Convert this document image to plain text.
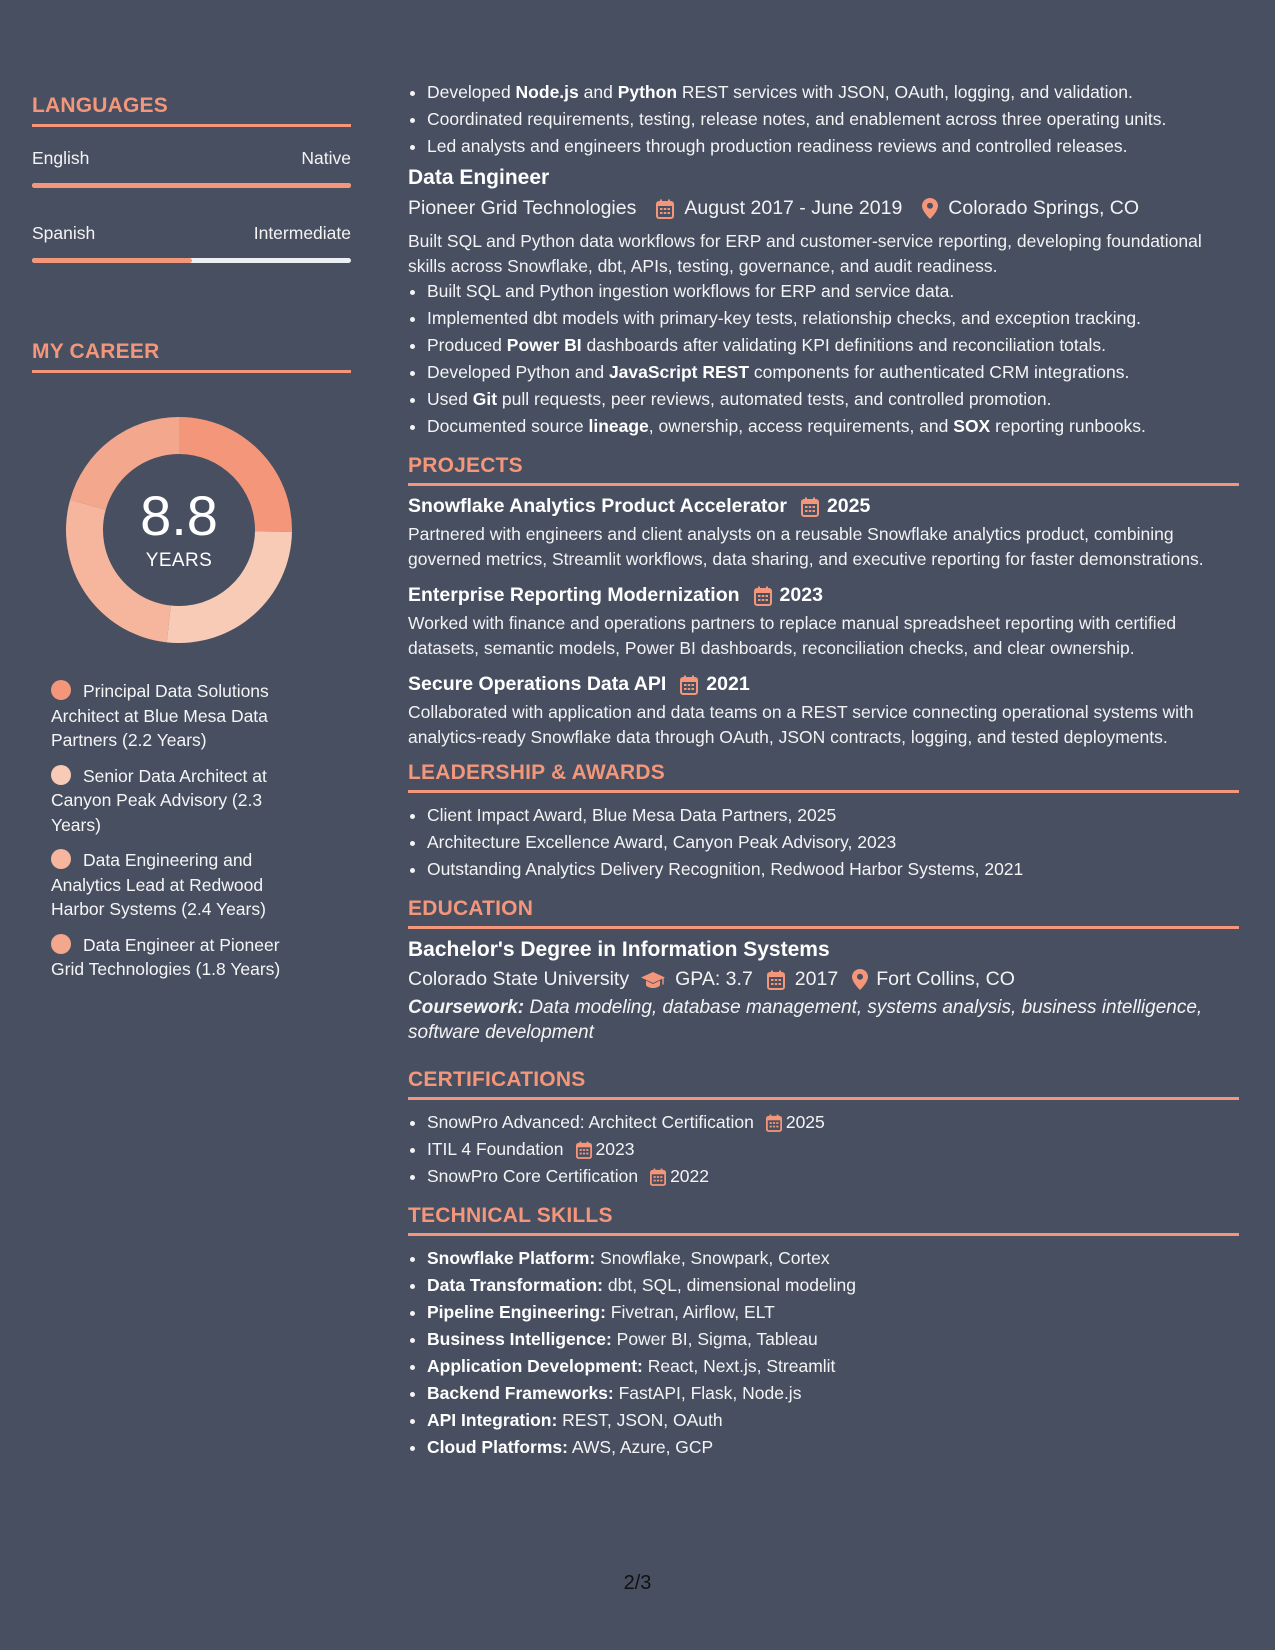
LANGUAGES
English	Native
Spanish	Intermediate
MY CAREER
8.8
YEARS
Principal Data Solutions Architect at Blue Mesa Data Partners (2.2 Years)
Senior Data Architect at Canyon Peak Advisory (2.3 Years)
Data Engineering and Analytics Lead at Redwood Harbor Systems (2.4 Years)
Data Engineer at Pioneer Grid Technologies (1.8 Years)
• Developed Node.js and Python REST services with JSON, OAuth, logging, and validation.
• Coordinated requirements, testing, release notes, and enablement across three operating units.
• Led analysts and engineers through production readiness reviews and controlled releases.
Data Engineer
Pioneer Grid Technologies August 2017 - June 2019 Colorado Springs, CO

Built SQL and Python data workflows for ERP and customer-service reporting, developing foundational skills across Snowflake, dbt, APIs, testing, governance, and audit readiness.

• Built SQL and Python ingestion workflows for ERP and service data.
• Implemented dbt models with primary-key tests, relationship checks, and exception tracking.
• Produced Power BI dashboards after validating KPI definitions and reconciliation totals.
• Developed Python and JavaScript REST components for authenticated CRM integrations.
• Used Git pull requests, peer reviews, automated tests, and controlled promotion.
• Documented source lineage, ownership, access requirements, and SOX reporting runbooks.
PROJECTS
Snowflake Analytics Product Accelerator 2025

Partnered with engineers and client analysts on a reusable Snowflake analytics product, combining governed metrics, Streamlit workflows, data sharing, and executive reporting for faster demonstrations.

Enterprise Reporting Modernization 2023

Worked with finance and operations partners to replace manual spreadsheet reporting with certified datasets, semantic models, Power BI dashboards, reconciliation checks, and clear ownership.

Secure Operations Data API 2021

Collaborated with application and data teams on a REST service connecting operational systems with analytics-ready Snowflake data through OAuth, JSON contracts, logging, and tested deployments.

LEADERSHIP & AWARDS
• Client Impact Award, Blue Mesa Data Partners, 2025
• Architecture Excellence Award, Canyon Peak Advisory, 2023
• Outstanding Analytics Delivery Recognition, Redwood Harbor Systems, 2021
EDUCATION
Bachelor's Degree in Information Systems
Colorado State University GPA: 3.7 2017 Fort Collins, CO

Coursework: Data modeling, database management, systems analysis, business intelligence, software development

CERTIFICATIONS
• SnowPro Advanced: Architect Certification 2025
• ITIL 4 Foundation 2023
• SnowPro Core Certification 2022
TECHNICAL SKILLS
• Snowflake Platform: Snowflake, Snowpark, Cortex
• Data Transformation: dbt, SQL, dimensional modeling
• Pipeline Engineering: Fivetran, Airflow, ELT
• Business Intelligence: Power BI, Sigma, Tableau
• Application Development: React, Next.js, Streamlit
• Backend Frameworks: FastAPI, Flask, Node.js
• API Integration: REST, JSON, OAuth
• Cloud Platforms: AWS, Azure, GCP
2/3
